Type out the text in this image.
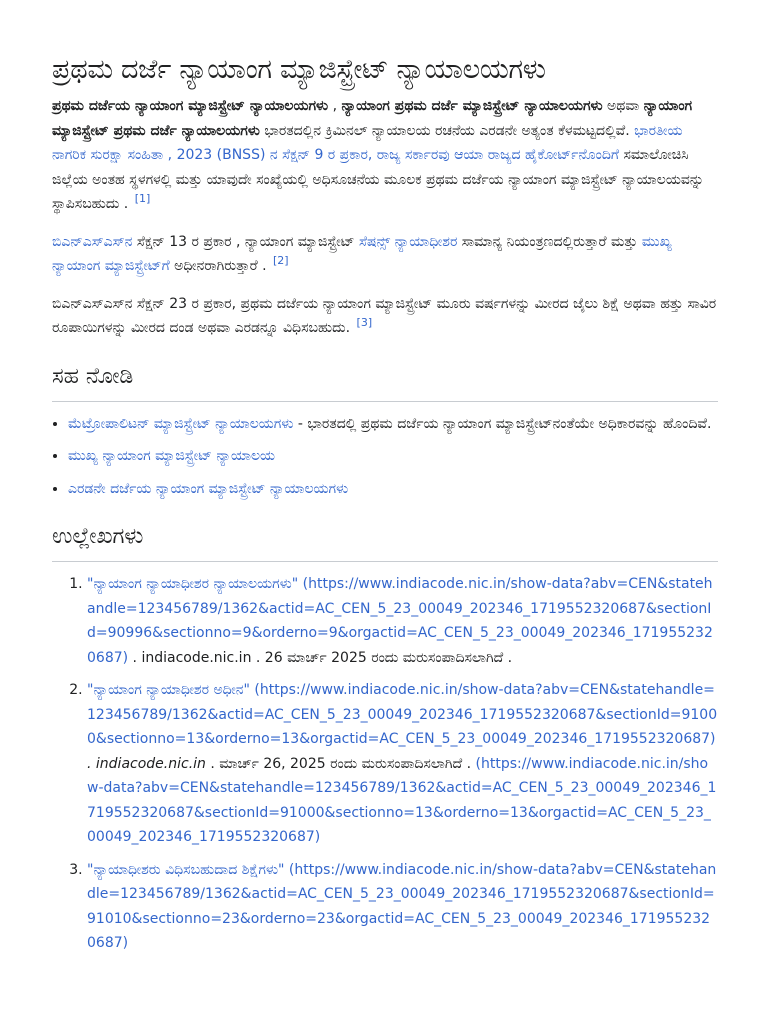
ಪ್ರಥಮ ದರ್ಜೆ ನ್ಯಾಯಾಂಗ ಮ್ಯಾಜಿಸ್ಟ್ರೇಟ್ ನ್ಯಾಯಾಲಯಗಳು

ಪ್ರಥಮ ದರ್ಜೆಯ ನ್ಯಾಯಾಂಗ ಮ್ಯಾಜಿಸ್ಟ್ರೇಟ್ ನ್ಯಾಯಾಲಯಗಳು , ನ್ಯಾಯಾಂಗ ಪ್ರಥಮ ದರ್ಜೆ ಮ್ಯಾಜಿಸ್ಟ್ರೇಟ್ ನ್ಯಾಯಾಲಯಗಳು ಅಥವಾ ನ್ಯಾಯಾಂಗ ಮ್ಯಾಜಿಸ್ಟ್ರೇಟ್ ಪ್ರಥಮ ದರ್ಜೆ ನ್ಯಾಯಾಲಯಗಳು ಭಾರತದಲ್ಲಿನ ಕ್ರಿಮಿನಲ್ ನ್ಯಾಯಾಲಯ ರಚನೆಯ ಎರಡನೇ ಅತ್ಯಂತ ಕೆಳಮಟ್ಟದಲ್ಲಿವೆ. ಭಾರತೀಯ ನಾಗರಿಕ ಸುರಕ್ಷಾ ಸಂಹಿತಾ , 2023 (BNSS) ನ ಸೆಕ್ಷನ್ 9 ರ ಪ್ರಕಾರ, ರಾಜ್ಯ ಸರ್ಕಾರವು ಆಯಾ ರಾಜ್ಯದ ಹೈಕೋರ್ಟ್‌ನೊಂದಿಗೆ ಸಮಾಲೋಚಿಸಿ ಜಿಲ್ಲೆಯ ಅಂತಹ ಸ್ಥಳಗಳಲ್ಲಿ ಮತ್ತು ಯಾವುದೇ ಸಂಖ್ಯೆಯಲ್ಲಿ ಅಧಿಸೂಚನೆಯ ಮೂಲಕ ಪ್ರಥಮ ದರ್ಜೆಯ ನ್ಯಾಯಾಂಗ ಮ್ಯಾಜಿಸ್ಟ್ರೇಟ್ ನ್ಯಾಯಾಲಯವನ್ನು ಸ್ಥಾಪಿಸಬಹುದು . [1]

ಬಿಎನ್‌ಎಸ್‌ಎಸ್‌ನ ಸೆಕ್ಷನ್ 13 ರ ಪ್ರಕಾರ , ನ್ಯಾಯಾಂಗ ಮ್ಯಾಜಿಸ್ಟ್ರೇಟ್ ಸೆಷನ್ಸ್ ನ್ಯಾಯಾಧೀಶರ ಸಾಮಾನ್ಯ ನಿಯಂತ್ರಣದಲ್ಲಿರುತ್ತಾರೆ ಮತ್ತು ಮುಖ್ಯ ನ್ಯಾಯಾಂಗ ಮ್ಯಾಜಿಸ್ಟ್ರೇಟ್‌ಗೆ ಅಧೀನರಾಗಿರುತ್ತಾರೆ . [2]

ಬಿಎನ್‌ಎಸ್‌ಎಸ್‌ನ ಸೆಕ್ಷನ್ 23 ರ ಪ್ರಕಾರ, ಪ್ರಥಮ ದರ್ಜೆಯ ನ್ಯಾಯಾಂಗ ಮ್ಯಾಜಿಸ್ಟ್ರೇಟ್ ಮೂರು ವರ್ಷಗಳನ್ನು ಮೀರದ ಜೈಲು ಶಿಕ್ಷೆ ಅಥವಾ ಹತ್ತು ಸಾವಿರ ರೂಪಾಯಿಗಳನ್ನು ಮೀರದ ದಂಡ ಅಥವಾ ಎರಡನ್ನೂ ವಿಧಿಸಬಹುದು. [3]

ಸಹ ನೋಡಿ
• ಮೆಟ್ರೋಪಾಲಿಟನ್ ಮ್ಯಾಜಿಸ್ಟ್ರೇಟ್ ನ್ಯಾಯಾಲಯಗಳು - ಭಾರತದಲ್ಲಿ ಪ್ರಥಮ ದರ್ಜೆಯ ನ್ಯಾಯಾಂಗ ಮ್ಯಾಜಿಸ್ಟ್ರೇಟ್‌ನಂತೆಯೇ ಅಧಿಕಾರವನ್ನು ಹೊಂದಿವೆ.
• ಮುಖ್ಯ ನ್ಯಾಯಾಂಗ ಮ್ಯಾಜಿಸ್ಟ್ರೇಟ್ ನ್ಯಾಯಾಲಯ
• ಎರಡನೇ ದರ್ಜೆಯ ನ್ಯಾಯಾಂಗ ಮ್ಯಾಜಿಸ್ಟ್ರೇಟ್ ನ್ಯಾಯಾಲಯಗಳು
ಉಲ್ಲೇಖಗಳು
1. "ನ್ಯಾಯಾಂಗ ನ್ಯಾಯಾಧೀಶರ ನ್ಯಾಯಾಲಯಗಳು" (https://www.indiacode.nic.in/show-data?abv=CEN&statehandle=123456789/1362&actid=AC_CEN_5_23_00049_202346_1719552320687&sectionId=90996&sectionno=9&orderno=9&orgactid=AC_CEN_5_23_00049_202346_1719552320687) . indiacode.nic.in . 26 ಮಾರ್ಚ್ 2025 ರಂದು ಮರುಸಂಪಾದಿಸಲಾಗಿದೆ .
2. "ನ್ಯಾಯಾಂಗ ನ್ಯಾಯಾಧೀಶರ ಅಧೀನ" (https://www.indiacode.nic.in/show-data?abv=CEN&statehandle=123456789/1362&actid=AC_CEN_5_23_00049_202346_1719552320687&sectionId=91000&sectionno=13&orderno=13&orgactid=AC_CEN_5_23_00049_202346_1719552320687) . indiacode.nic.in . ಮಾರ್ಚ್ 26, 2025 ರಂದು ಮರುಸಂಪಾದಿಸಲಾಗಿದೆ . (https://www.indiacode.nic.in/show-data?abv=CEN&statehandle=123456789/1362&actid=AC_CEN_5_23_00049_202346_1719552320687&sectionId=91000&sectionno=13&orderno=13&orgactid=AC_CEN_5_23_00049_202346_1719552320687)
3. "ನ್ಯಾಯಾಧೀಶರು ವಿಧಿಸಬಹುದಾದ ಶಿಕ್ಷೆಗಳು" (https://www.indiacode.nic.in/show-data?abv=CEN&statehandle=123456789/1362&actid=AC_CEN_5_23_00049_202346_1719552320687&sectionId=91010&sectionno=23&orderno=23&orgactid=AC_CEN_5_23_00049_202346_1719552320687)
